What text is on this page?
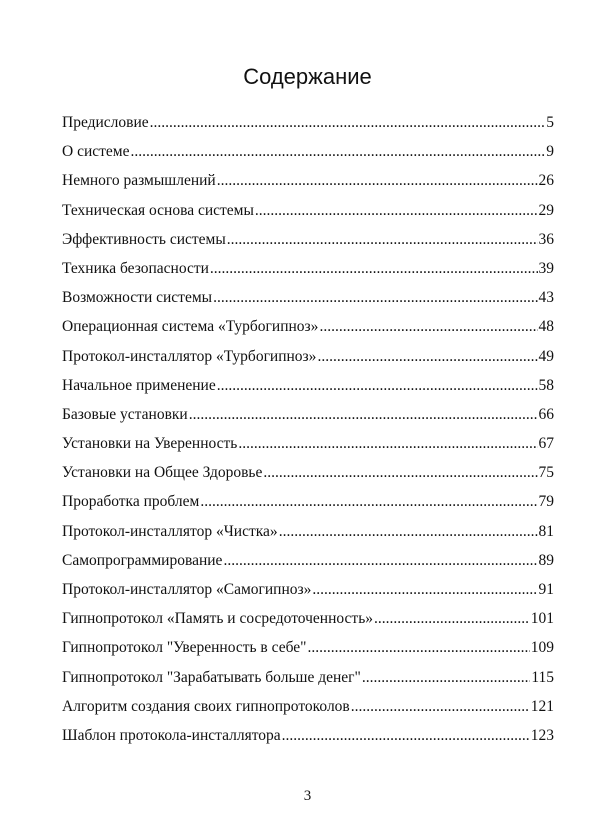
Содержание
Предисловие .....	5
О системе .....	9
Немного размышлений .....	26
Техническая основа системы .....	29
Эффективность системы .....	36
Техника безопасности .....	39
Возможности системы .....	43
Операционная система «Турбогипноз» .....	48
Протокол-инсталлятор «Турбогипноз» .....	49
Начальное применение .....	58
Базовые установки .....	66
Установки на Уверенность .....	67
Установки на Общее Здоровье .....	75
Проработка проблем .....	79
Протокол-инсталлятор «Чистка» .....	81
Самопрограммирование .....	89
Протокол-инсталлятор «Самогипноз» .....	91
Гипнопротокол «Память и сосредоточенность» .....	101
Гипнопротокол "Уверенность в себе" .....	109
Гипнопротокол "Зарабатывать больше денег" .....	115
Алгоритм создания своих гипнопротоколов .....	121
Шаблон протокола-инсталлятора .....	123
3
